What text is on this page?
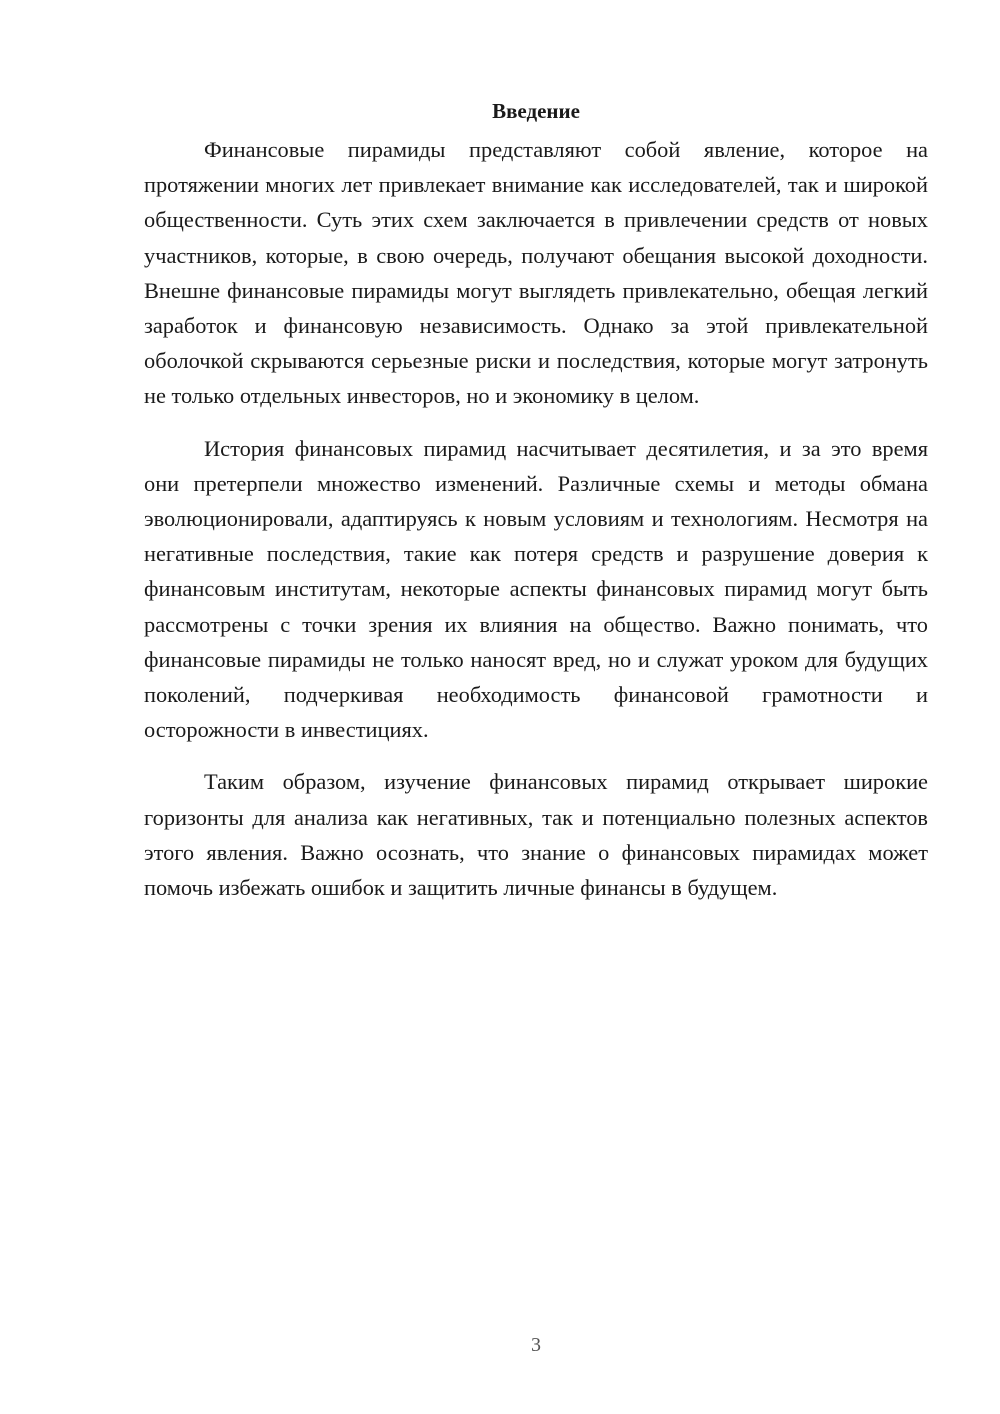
Введение

Финансовые пирамиды представляют собой явление, которое на протяжении многих лет привлекает внимание как исследователей, так и широкой общественности. Суть этих схем заключается в привлечении средств от новых участников, которые, в свою очередь, получают обещания высокой доходности. Внешне финансовые пирамиды могут выглядеть привлекательно, обещая легкий заработок и финансовую независимость. Однако за этой привлекательной оболочкой скрываются серьезные риски и последствия, которые могут затронуть не только отдельных инвесторов, но и экономику в целом.

История финансовых пирамид насчитывает десятилетия, и за это время они претерпели множество изменений. Различные схемы и методы обмана эволюционировали, адаптируясь к новым условиям и технологиям. Несмотря на негативные последствия, такие как потеря средств и разрушение доверия к финансовым институтам, некоторые аспекты финансовых пирамид могут быть рассмотрены с точки зрения их влияния на общество. Важно понимать, что финансовые пирамиды не только наносят вред, но и служат уроком для будущих поколений, подчеркивая необходимость финансовой грамотности и осторожности в инвестициях.

Таким образом, изучение финансовых пирамид открывает широкие горизонты для анализа как негативных, так и потенциально полезных аспектов этого явления. Важно осознать, что знание о финансовых пирамидах может помочь избежать ошибок и защитить личные финансы в будущем.

3
